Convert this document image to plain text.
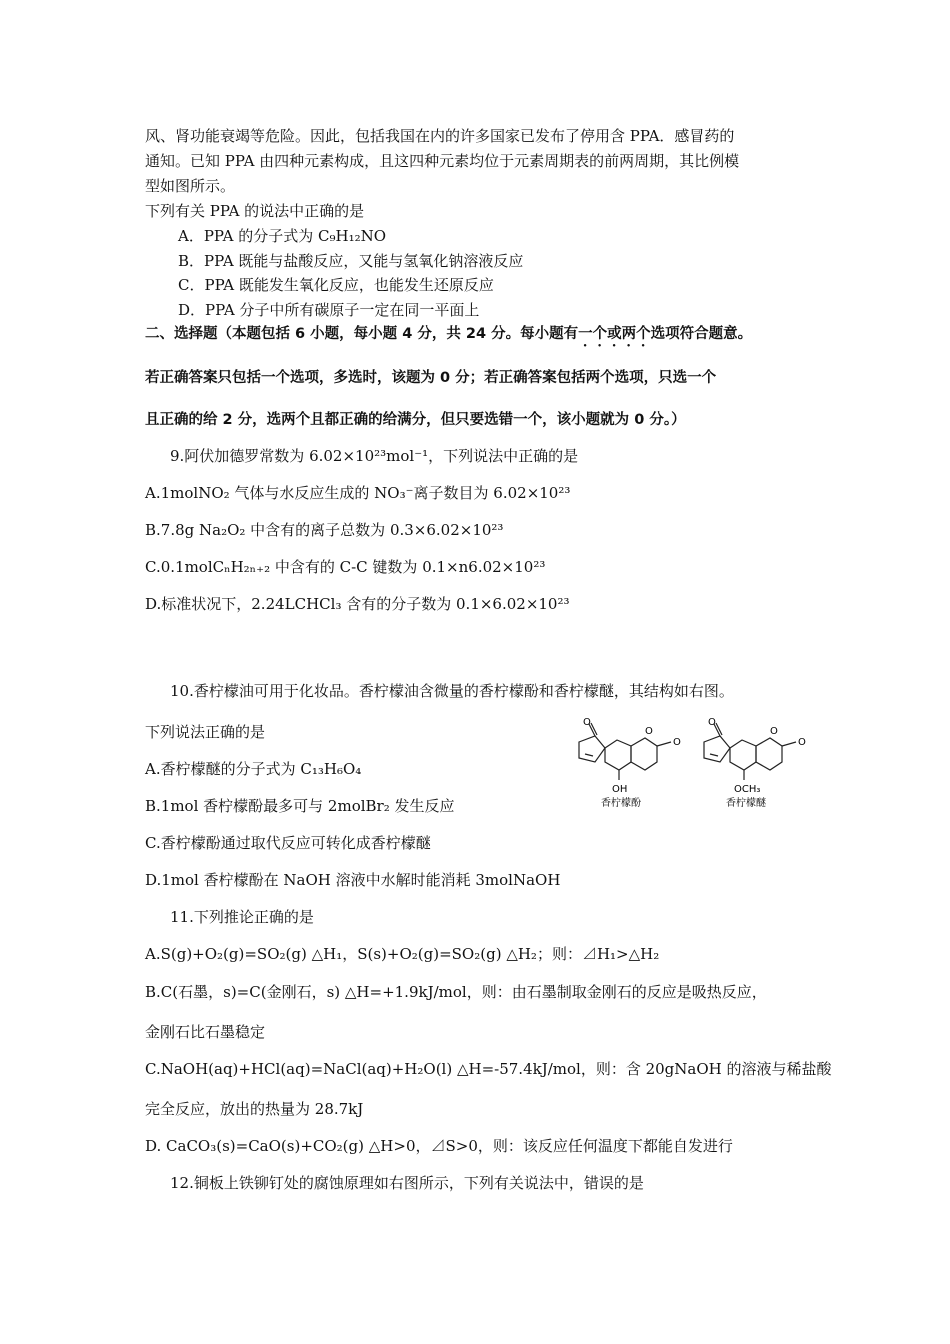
风、肾功能衰竭等危险。因此，包括我国在内的许多国家已发布了停用含 PPA．感冒药的
通知。已知 PPA 由四种元素构成，且这四种元素均位于元素周期表的前两周期，其比例模
型如图所示。
下列有关 PPA 的说法中正确的是
A．PPA 的分子式为 C₉H₁₂NO
B．PPA 既能与盐酸反应，又能与氢氧化钠溶液反应
C．PPA 既能发生氧化反应，也能发生还原反应
D．PPA 分子中所有碳原子一定在同一平面上
二、选择题（本题包括 6 小题，每小题 4 分，共 24 分。每小题有一个或两个选项符合题意。
若正确答案只包括一个选项，多选时，该题为 0 分；若正确答案包括两个选项，只选一个
且正确的给 2 分，选两个且都正确的给满分，但只要选错一个，该小题就为 0 分。）
9.阿伏加德罗常数为 6.02×10²³mol⁻¹，下列说法中正确的是
A.1molNO₂ 气体与水反应生成的 NO₃⁻离子数目为 6.02×10²³
B.7.8g Na₂O₂ 中含有的离子总数为 0.3×6.02×10²³
C.0.1molCₙH₂ₙ₊₂ 中含有的 C-C 键数为 0.1×n6.02×10²³
D.标准状况下，2.24LCHCl₃ 含有的分子数为 0.1×6.02×10²³
10.香柠檬油可用于化妆品。香柠檬油含微量的香柠檬酚和香柠檬醚，其结构如右图。
下列说法正确的是
A.香柠檬醚的分子式为 C₁₃H₆O₄
B.1mol 香柠檬酚最多可与 2molBr₂ 发生反应
C.香柠檬酚通过取代反应可转化成香柠檬醚
D.1mol 香柠檬酚在 NaOH 溶液中水解时能消耗 3molNaOH
O
O
O
OH
香柠檬酚
O
O
O
OCH₃
香柠檬醚
11.下列推论正确的是
A.S(g)+O₂(g)=SO₂(g) △H₁，S(s)+O₂(g)=SO₂(g) △H₂；则：⊿H₁>△H₂
B.C(石墨，s)=C(金刚石，s) △H=+1.9kJ/mol，则：由石墨制取金刚石的反应是吸热反应，
金刚石比石墨稳定
C.NaOH(aq)+HCl(aq)=NaCl(aq)+H₂O(l) △H=-57.4kJ/mol，则：含 20gNaOH 的溶液与稀盐酸
完全反应，放出的热量为 28.7kJ
D. CaCO₃(s)=CaO(s)+CO₂(g) △H>0，⊿S>0，则：该反应任何温度下都能自发进行
12.铜板上铁铆钉处的腐蚀原理如右图所示，下列有关说法中，错误的是
